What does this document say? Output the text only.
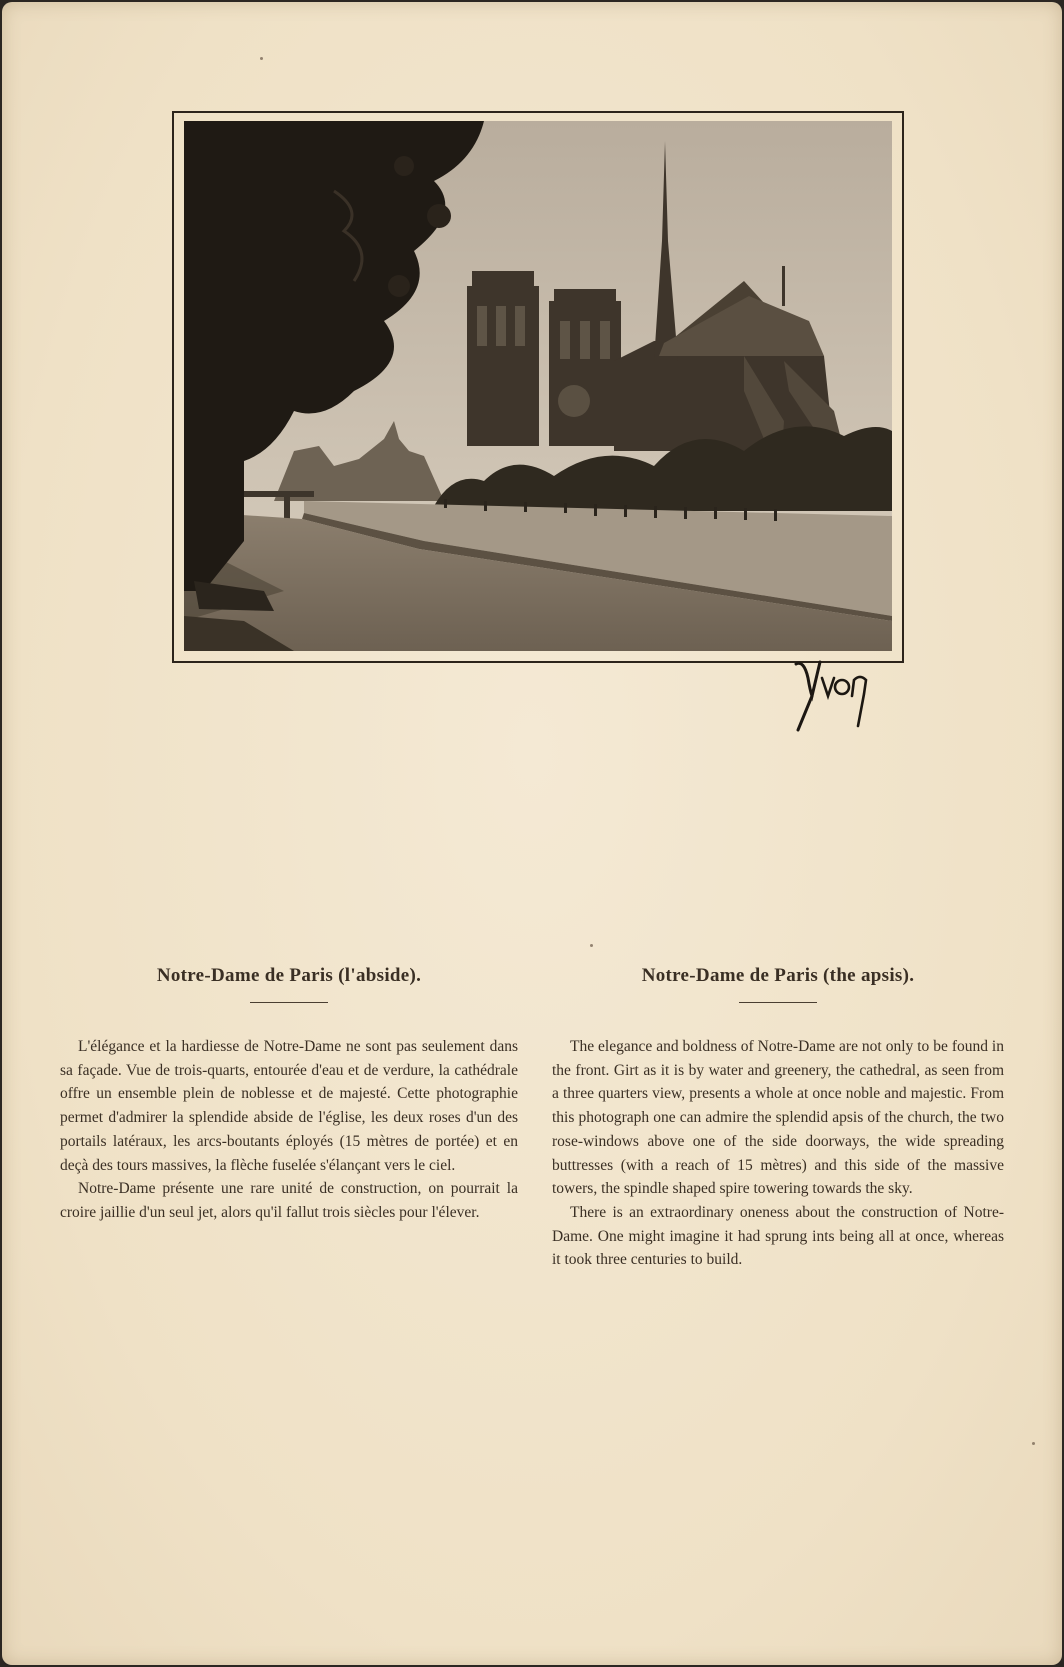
Notre-Dame de Paris (l'abside).

L'élégance et la hardiesse de Notre-Dame ne sont pas seulement dans sa façade. Vue de trois-quarts, entourée d'eau et de verdure, la cathédrale offre un ensemble plein de noblesse et de majesté. Cette photographie permet d'admirer la splendide abside de l'église, les deux roses d'un des portails latéraux, les arcs-boutants éployés (15 mètres de portée) et en deçà des tours massives, la flèche fuselée s'élançant vers le ciel.

Notre-Dame présente une rare unité de construction, on pourrait la croire jaillie d'un seul jet, alors qu'il fallut trois siècles pour l'élever.

Notre-Dame de Paris (the apsis).

The elegance and boldness of Notre-Dame are not only to be found in the front. Girt as it is by water and greenery, the cathedral, as seen from a three quarters view, presents a whole at once noble and majestic. From this photograph one can admire the splendid apsis of the church, the two rose-windows above one of the side doorways, the wide spreading buttresses (with a reach of 15 mètres) and this side of the massive towers, the spindle shaped spire towering towards the sky.

There is an extraordinary oneness about the construction of Notre-Dame. One might imagine it had sprung ints being all at once, whereas it took three centuries to build.
